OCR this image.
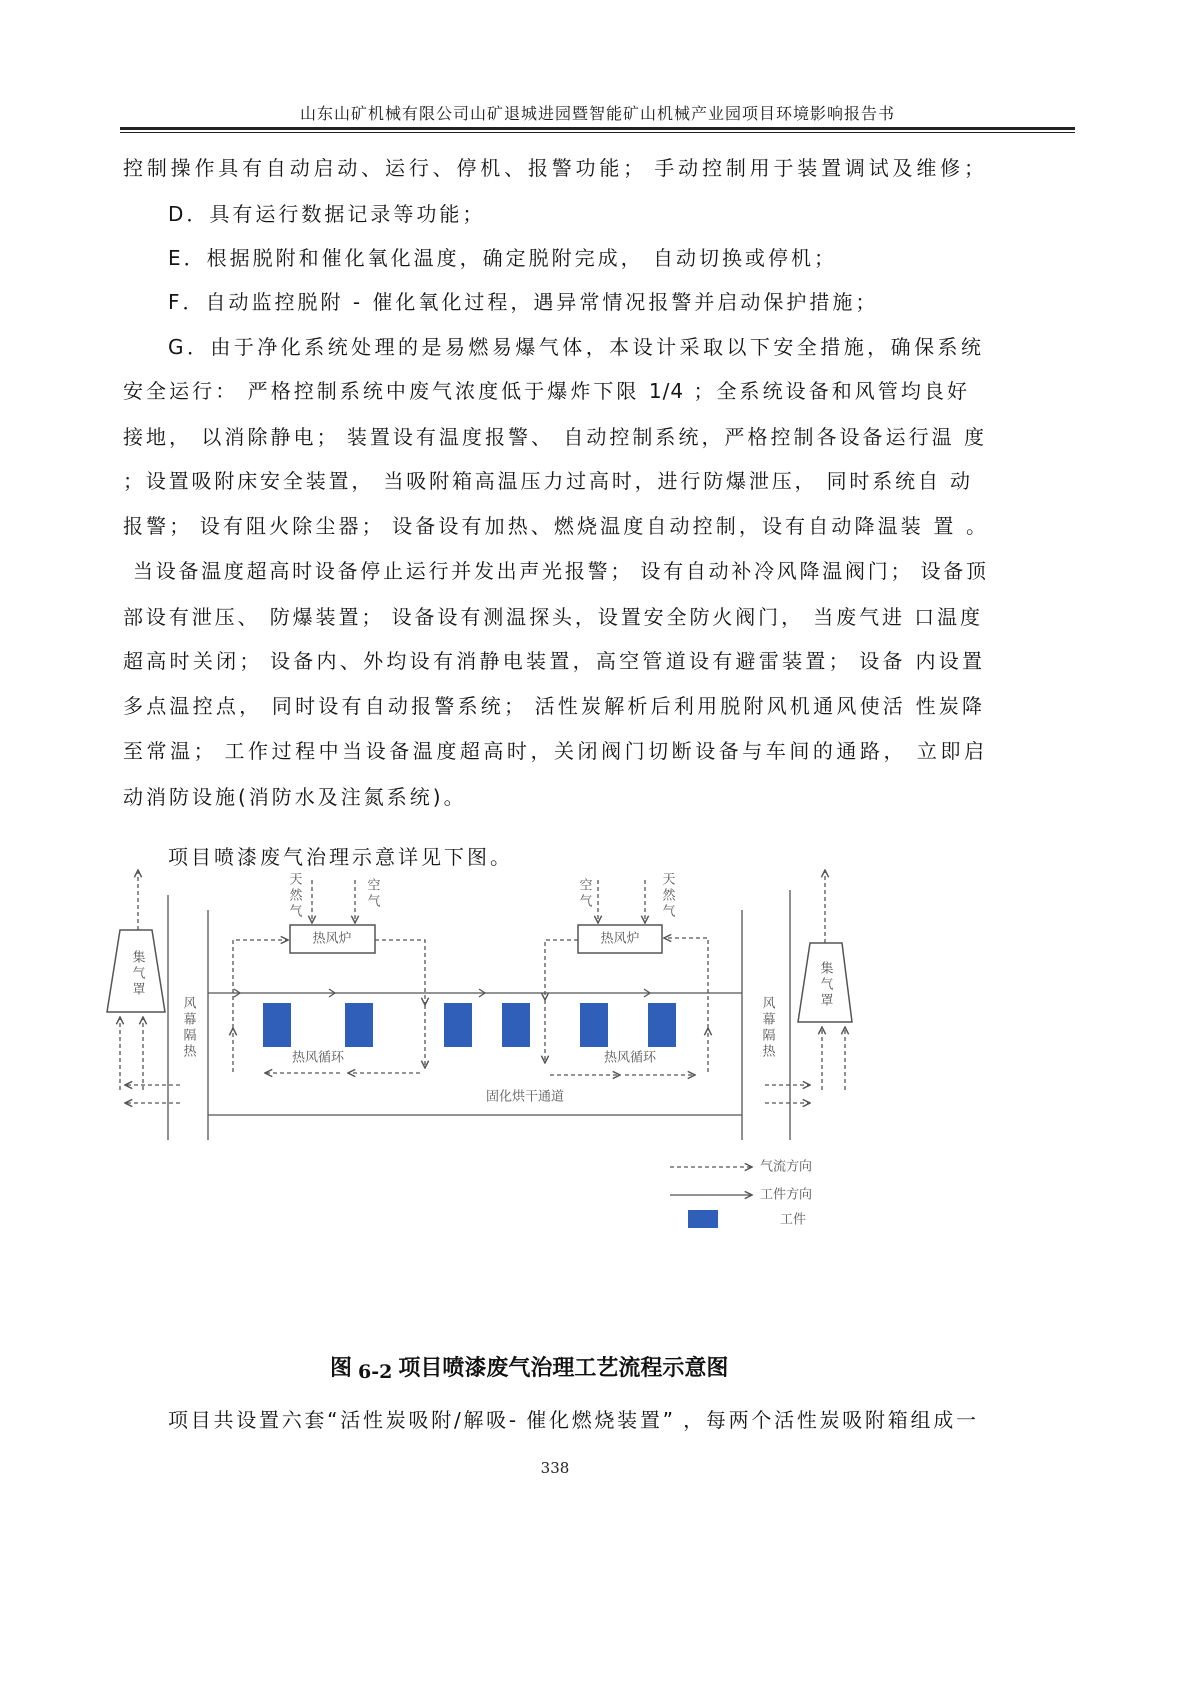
山东山矿机械有限公司山矿退城进园暨智能矿山机械产业园项目环境影响报告书
控制操作具有自动启动、运行、停机、报警功能； 手动控制用于装置调试及维修；
D．具有运行数据记录等功能；
E．根据脱附和催化氧化温度，确定脱附完成， 自动切换或停机；
F．自动监控脱附 - 催化氧化过程，遇异常情况报警并启动保护措施；
G．由于净化系统处理的是易燃易爆气体，本设计采取以下安全措施，确保系统
安全运行： 严格控制系统中废气浓度低于爆炸下限 1/4 ；全系统设备和风管均良好
接地， 以消除静电； 装置设有温度报警、 自动控制系统，严格控制各设备运行温 度
；设置吸附床安全装置， 当吸附箱高温压力过高时，进行防爆泄压， 同时系统自 动
报警； 设有阻火除尘器； 设备设有加热、燃烧温度自动控制，设有自动降温装 置 。
当设备温度超高时设备停止运行并发出声光报警； 设有自动补冷风降温阀门； 设备顶
部设有泄压、 防爆装置； 设备设有测温探头，设置安全防火阀门， 当废气进 口温度
超高时关闭； 设备内、外均设有消静电装置，高空管道设有避雷装置； 设备 内设置
多点温控点， 同时设有自动报警系统； 活性炭解析后利用脱附风机通风使活 性炭降
至常温； 工作过程中当设备温度超高时，关闭阀门切断设备与车间的通路， 立即启
动消防设施(消防水及注氮系统)。
项目喷漆废气治理示意详见下图。
天然气	空气
热风炉
空气	天然气
热风炉
集气罩	集气罩
风幕隔热	风幕隔热
热风循环	热风循环
固化烘干通道
气流方向
工件方向
工件
图 6-2 项目喷漆废气治理工艺流程示意图
项目共设置六套“活性炭吸附/解吸- 催化燃烧装置” ，每两个活性炭吸附箱组成一
338
